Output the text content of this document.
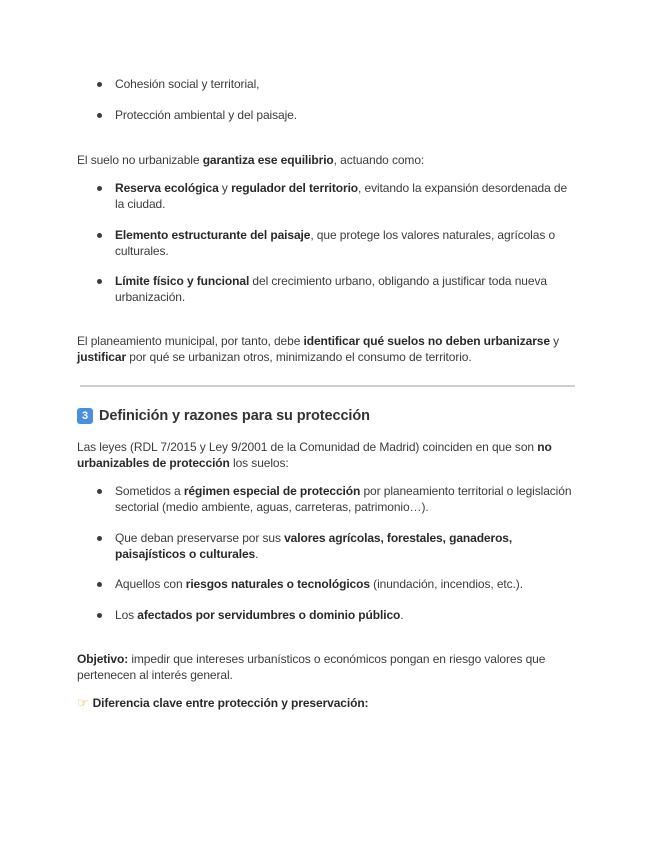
Cohesión social y territorial,
Protección ambiental y del paisaje.
El suelo no urbanizable garantiza ese equilibrio, actuando como:
Reserva ecológica y regulador del territorio, evitando la expansión desordenada de
la ciudad.
Elemento estructurante del paisaje, que protege los valores naturales, agrícolas o
culturales.
Límite físico y funcional del crecimiento urbano, obligando a justificar toda nueva
urbanización.
El planeamiento municipal, por tanto, debe identificar qué suelos no deben urbanizarse y
justificar por qué se urbanizan otros, minimizando el consumo de territorio.
3 Definición y razones para su protección
Las leyes (RDL 7/2015 y Ley 9/2001 de la Comunidad de Madrid) coinciden en que son no
urbanizables de protección los suelos:
Sometidos a régimen especial de protección por planeamiento territorial o legislación
sectorial (medio ambiente, aguas, carreteras, patrimonio…).
Que deban preservarse por sus valores agrícolas, forestales, ganaderos,
paisajísticos o culturales.
Aquellos con riesgos naturales o tecnológicos (inundación, incendios, etc.).
Los afectados por servidumbres o dominio público.
Objetivo: impedir que intereses urbanísticos o económicos pongan en riesgo valores que
pertenecen al interés general.
☞ Diferencia clave entre protección y preservación:
